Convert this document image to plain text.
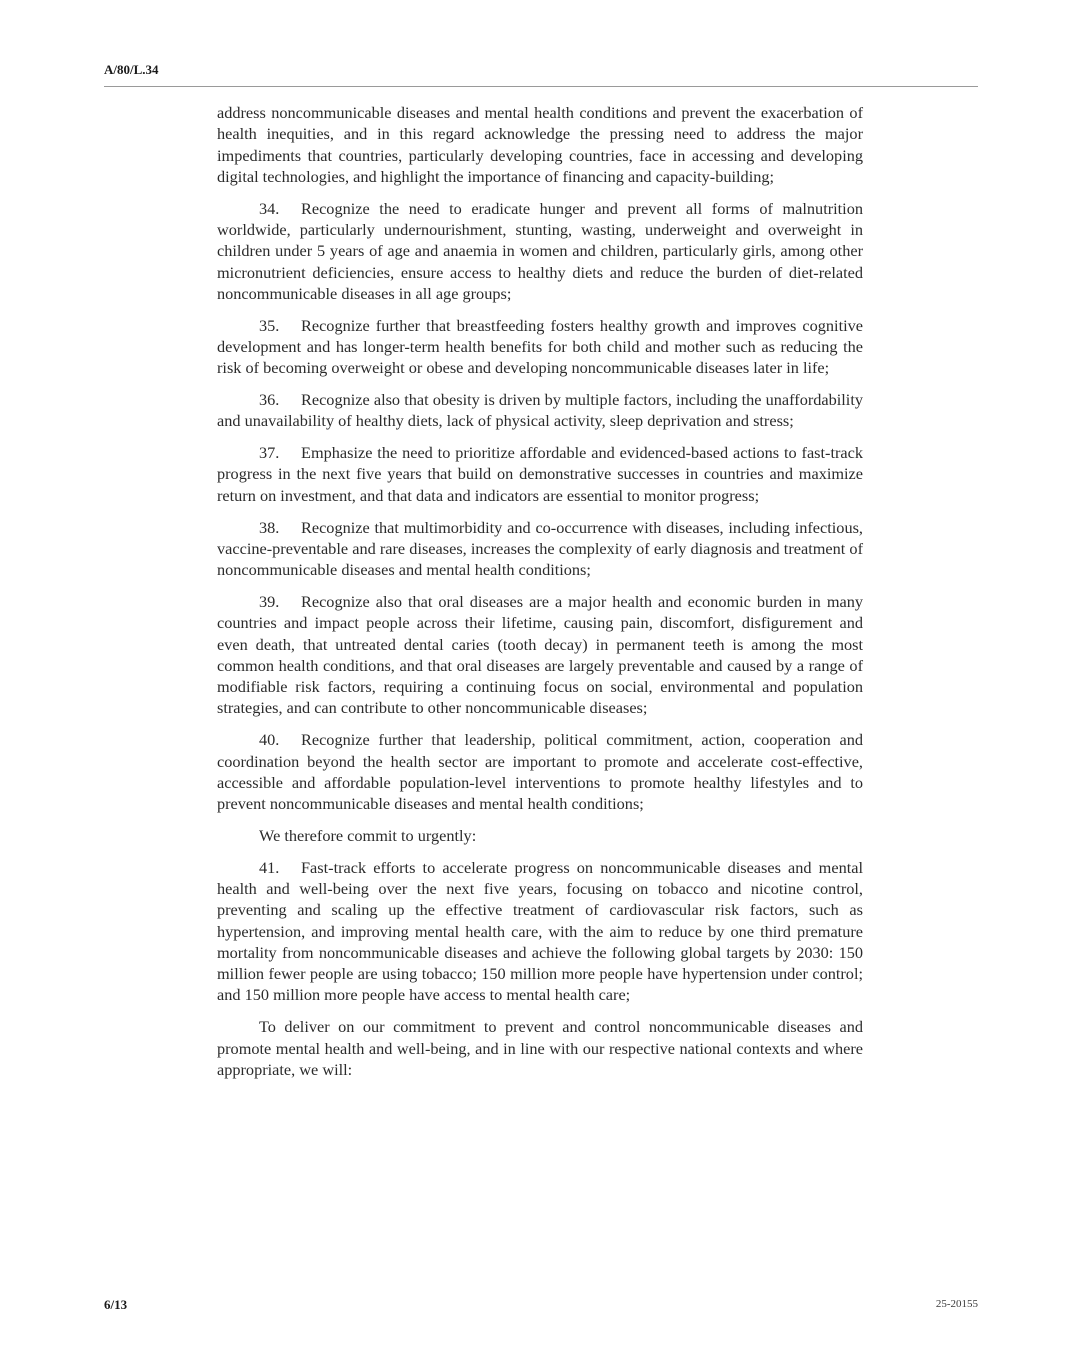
A/80/L.34

address noncommunicable diseases and mental health conditions and prevent the exacerbation of health inequities, and in this regard acknowledge the pressing need to address the major impediments that countries, particularly developing countries, face in accessing and developing digital technologies, and highlight the importance of financing and capacity-building;

34. Recognize the need to eradicate hunger and prevent all forms of malnutrition worldwide, particularly undernourishment, stunting, wasting, underweight and overweight in children under 5 years of age and anaemia in women and children, particularly girls, among other micronutrient deficiencies, ensure access to healthy diets and reduce the burden of diet-related noncommunicable diseases in all age groups;

35. Recognize further that breastfeeding fosters healthy growth and improves cognitive development and has longer-term health benefits for both child and mother such as reducing the risk of becoming overweight or obese and developing noncommunicable diseases later in life;

36. Recognize also that obesity is driven by multiple factors, including the unaffordability and unavailability of healthy diets, lack of physical activity, sleep deprivation and stress;

37. Emphasize the need to prioritize affordable and evidenced-based actions to fast-track progress in the next five years that build on demonstrative successes in countries and maximize return on investment, and that data and indicators are essential to monitor progress;

38. Recognize that multimorbidity and co-occurrence with diseases, including infectious, vaccine-preventable and rare diseases, increases the complexity of early diagnosis and treatment of noncommunicable diseases and mental health conditions;

39. Recognize also that oral diseases are a major health and economic burden in many countries and impact people across their lifetime, causing pain, discomfort, disfigurement and even death, that untreated dental caries (tooth decay) in permanent teeth is among the most common health conditions, and that oral diseases are largely preventable and caused by a range of modifiable risk factors, requiring a continuing focus on social, environmental and population strategies, and can contribute to other noncommunicable diseases;

40. Recognize further that leadership, political commitment, action, cooperation and coordination beyond the health sector are important to promote and accelerate cost-effective, accessible and affordable population-level interventions to promote healthy lifestyles and to prevent noncommunicable diseases and mental health conditions;

We therefore commit to urgently:

41. Fast-track efforts to accelerate progress on noncommunicable diseases and mental health and well-being over the next five years, focusing on tobacco and nicotine control, preventing and scaling up the effective treatment of cardiovascular risk factors, such as hypertension, and improving mental health care, with the aim to reduce by one third premature mortality from noncommunicable diseases and achieve the following global targets by 2030: 150 million fewer people are using tobacco; 150 million more people have hypertension under control; and 150 million more people have access to mental health care;

To deliver on our commitment to prevent and control noncommunicable diseases and promote mental health and well-being, and in line with our respective national contexts and where appropriate, we will:

6/13	25-20155
